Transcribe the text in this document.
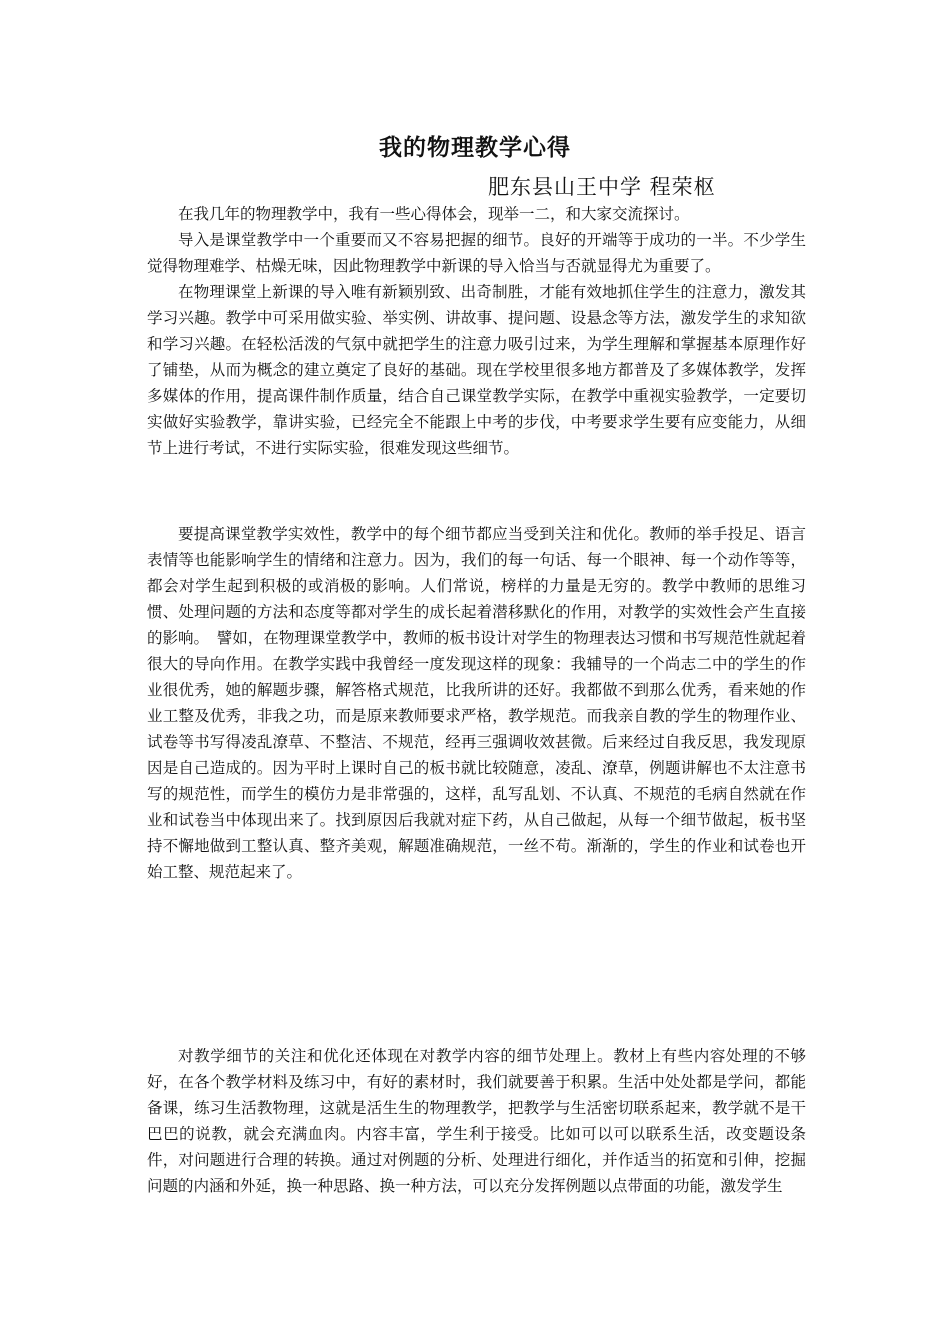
我的物理教学心得
肥东县山王中学 程荣枢

在我几年的物理教学中，我有一些心得体会，现举一二，和大家交流探讨。

导入是课堂教学中一个重要而又不容易把握的细节。良好的开端等于成功的一半。不少学生觉得物理难学、枯燥无味，因此物理教学中新课的导入恰当与否就显得尤为重要了。

在物理课堂上新课的导入唯有新颖别致、出奇制胜，才能有效地抓住学生的注意力，激发其学习兴趣。教学中可采用做实验、举实例、讲故事、提问题、设悬念等方法，激发学生的求知欲和学习兴趣。在轻松活泼的气氛中就把学生的注意力吸引过来，为学生理解和掌握基本原理作好了铺垫，从而为概念的建立奠定了良好的基础。现在学校里很多地方都普及了多媒体教学，发挥多媒体的作用，提高课件制作质量，结合自己课堂教学实际，在教学中重视实验教学，一定要切实做好实验教学，靠讲实验，已经完全不能跟上中考的步伐，中考要求学生要有应变能力，从细节上进行考试，不进行实际实验，很难发现这些细节。

要提高课堂教学实效性，教学中的每个细节都应当受到关注和优化。教师的举手投足、语言表情等也能影响学生的情绪和注意力。因为，我们的每一句话、每一个眼神、每一个动作等等，都会对学生起到积极的或消极的影响。人们常说，榜样的力量是无穷的。教学中教师的思维习惯、处理问题的方法和态度等都对学生的成长起着潜移默化的作用，对教学的实效性会产生直接的影响。　譬如，在物理课堂教学中，教师的板书设计对学生的物理表达习惯和书写规范性就起着很大的导向作用。在教学实践中我曾经一度发现这样的现象：我辅导的一个尚志二中的学生的作业很优秀，她的解题步骤，解答格式规范，比我所讲的还好。我都做不到那么优秀，看来她的作业工整及优秀，非我之功，而是原来教师要求严格，教学规范。而我亲自教的学生的物理作业、试卷等书写得凌乱潦草、不整洁、不规范，经再三强调收效甚微。后来经过自我反思，我发现原因是自己造成的。因为平时上课时自己的板书就比较随意，凌乱、潦草，例题讲解也不太注意书写的规范性，而学生的模仿力是非常强的，这样，乱写乱划、不认真、不规范的毛病自然就在作业和试卷当中体现出来了。找到原因后我就对症下药，从自己做起，从每一个细节做起，板书坚持不懈地做到工整认真、整齐美观，解题准确规范，一丝不苟。渐渐的，学生的作业和试卷也开始工整、规范起来了。

对教学细节的关注和优化还体现在对教学内容的细节处理上。教材上有些内容处理的不够好，在各个教学材料及练习中，有好的素材时，我们就要善于积累。生活中处处都是学问，都能备课，练习生活教物理，这就是活生生的物理教学，把教学与生活密切联系起来，教学就不是干巴巴的说教，就会充满血肉。内容丰富，学生利于接受。比如可以可以联系生活，改变题设条件，对问题进行合理的转换。通过对例题的分析、处理进行细化，并作适当的拓宽和引伸，挖掘问题的内涵和外延，换一种思路、换一种方法，可以充分发挥例题以点带面的功能，激发学生
